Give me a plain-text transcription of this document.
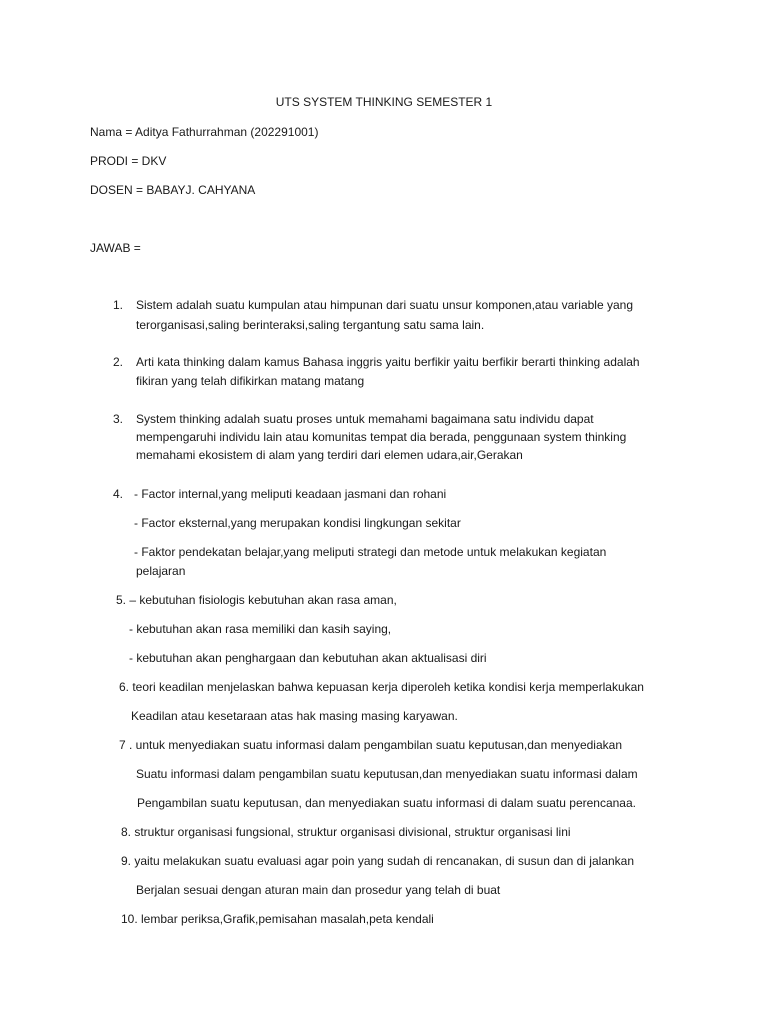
UTS SYSTEM THINKING SEMESTER 1
Nama = Aditya Fathurrahman (202291001)
PRODI = DKV
DOSEN = BABAYJ. CAHYANA
JAWAB =
1. Sistem adalah suatu kumpulan atau himpunan dari suatu unsur komponen,atau variable yang
terorganisasi,saling berinteraksi,saling tergantung satu sama lain.
2. Arti kata thinking dalam kamus Bahasa inggris yaitu berfikir yaitu berfikir berarti thinking adalah
fikiran yang telah difikirkan matang matang
3. System thinking adalah suatu proses untuk memahami bagaimana satu individu dapat
mempengaruhi individu lain atau komunitas tempat dia berada, penggunaan system thinking
memahami ekosistem di alam yang terdiri dari elemen udara,air,Gerakan
4. - Factor internal,yang meliputi keadaan jasmani dan rohani
- Factor eksternal,yang merupakan kondisi lingkungan sekitar
- Faktor pendekatan belajar,yang meliputi strategi dan metode untuk melakukan kegiatan
pelajaran
5. – kebutuhan fisiologis kebutuhan akan rasa aman,
- kebutuhan akan rasa memiliki dan kasih saying,
- kebutuhan akan penghargaan dan kebutuhan akan aktualisasi diri
6. teori keadilan menjelaskan bahwa kepuasan kerja diperoleh ketika kondisi kerja memperlakukan
Keadilan atau kesetaraan atas hak masing masing karyawan.
7 . untuk menyediakan suatu informasi dalam pengambilan suatu keputusan,dan menyediakan
Suatu informasi dalam pengambilan suatu keputusan,dan menyediakan suatu informasi dalam
Pengambilan suatu keputusan, dan menyediakan suatu informasi di dalam suatu perencanaa.
8. struktur organisasi fungsional, struktur organisasi divisional, struktur organisasi lini
9. yaitu melakukan suatu evaluasi agar poin yang sudah di rencanakan, di susun dan di jalankan
Berjalan sesuai dengan aturan main dan prosedur yang telah di buat
10. lembar periksa,Grafik,pemisahan masalah,peta kendali
